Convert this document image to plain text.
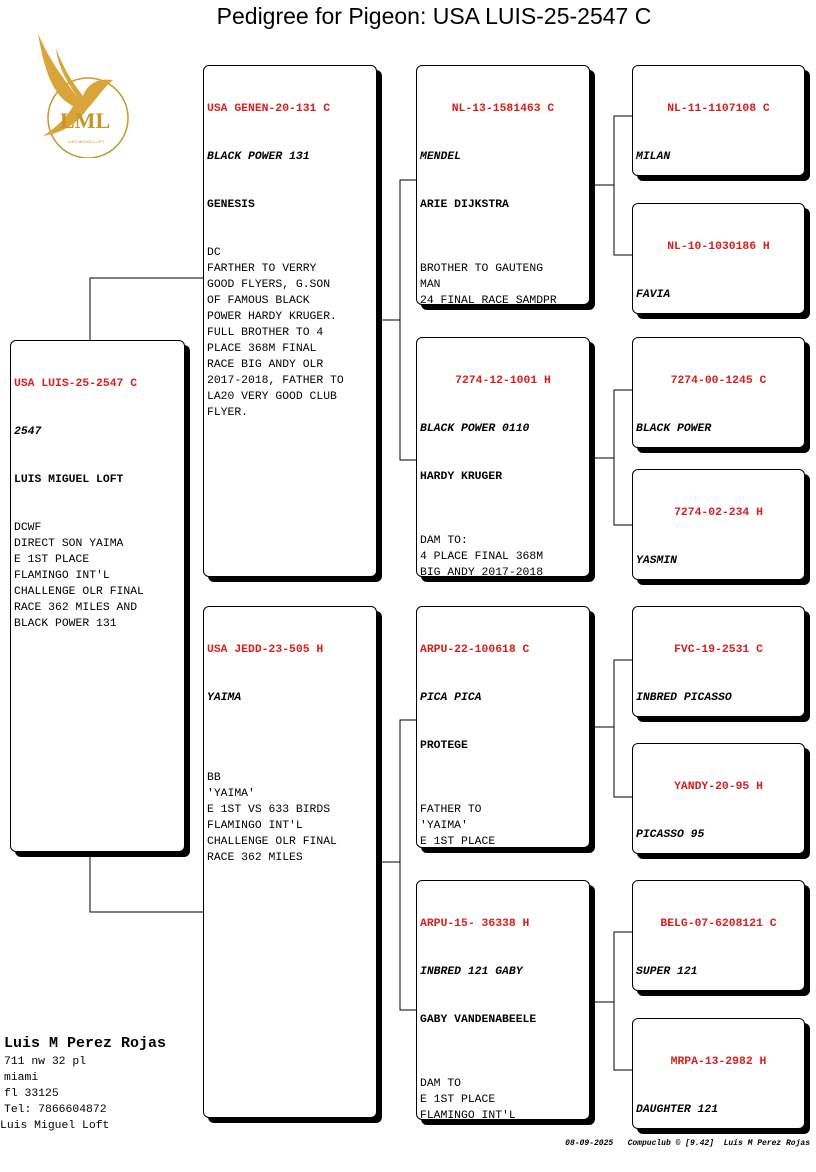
Pedigree for Pigeon: USA LUIS-25-2547 C
LML
LUIS MIGUEL LOFT

USA LUIS-25-2547 C

2547

LUIS MIGUEL LOFT

DCWF
DIRECT SON YAIMA
E 1ST PLACE
FLAMINGO INT'L
CHALLENGE OLR FINAL
RACE 362 MILES AND
BLACK POWER 131

USA GENEN-20-131 C

BLACK POWER 131

GENESIS

DC
FARTHER TO VERRY
GOOD FLYERS, G.SON
OF FAMOUS BLACK
POWER HARDY KRUGER.
FULL BROTHER TO 4
PLACE 368M FINAL
RACE BIG ANDY OLR
2017-2018, FATHER TO
LA20 VERY GOOD CLUB
FLYER.

USA JEDD-23-505 H

YAIMA

BB
'YAIMA'
E 1ST VS 633 BIRDS
FLAMINGO INT'L
CHALLENGE OLR FINAL
RACE 362 MILES

NL-13-1581463 C

MENDEL

ARIE DIJKSTRA

BROTHER TO GAUTENG
MAN
24 FINAL RACE SAMDPR

7274-12-1001 H

BLACK POWER 0110

HARDY KRUGER

DAM TO:
4 PLACE FINAL 368M
BIG ANDY 2017-2018

ARPU-22-100618 C

PICA PICA

PROTEGE

FATHER TO
'YAIMA'
E 1ST PLACE

ARPU-15- 36338 H

INBRED 121 GABY

GABY VANDENABEELE

DAM TO
E 1ST PLACE
FLAMINGO INT'L

NL-11-1107108 C

MILAN

NL-10-1030186 H

FAVIA

7274-00-1245 C

BLACK POWER

7274-02-234 H

YASMIN

FVC-19-2531 C

INBRED PICASSO

YANDY-20-95 H

PICASSO 95

BELG-07-6208121 C

SUPER 121

MRPA-13-2982 H

DAUGHTER 121

Luis M Perez Rojas
711 nw 32 pl
miami
fl 33125
Tel: 7866604872
Luis Miguel Loft
08-09-2025   Compuclub © [9.42]  Luis M Perez Rojas
